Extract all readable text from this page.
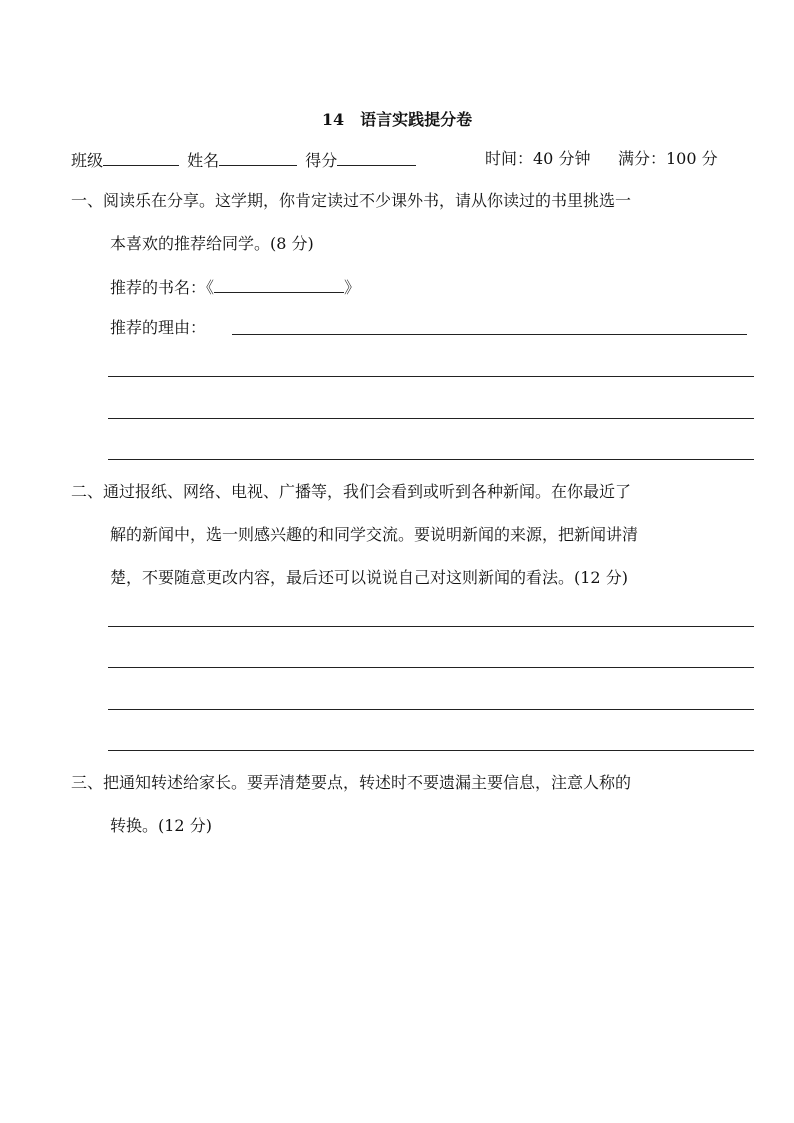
14　语言实践提分卷
班级	姓名	得分	时间：40 分钟 满分：100 分
一、阅读乐在分享。这学期，你肯定读过不少课外书，请从你读过的书里挑选一
本喜欢的推荐给同学。(8 分)
推荐的书名：《	》
推荐的理由：
二、通过报纸、网络、电视、广播等，我们会看到或听到各种新闻。在你最近了
解的新闻中，选一则感兴趣的和同学交流。要说明新闻的来源，把新闻讲清
楚，不要随意更改内容，最后还可以说说自己对这则新闻的看法。(12 分)
三、把通知转述给家长。要弄清楚要点，转述时不要遗漏主要信息，注意人称的
转换。(12 分)
